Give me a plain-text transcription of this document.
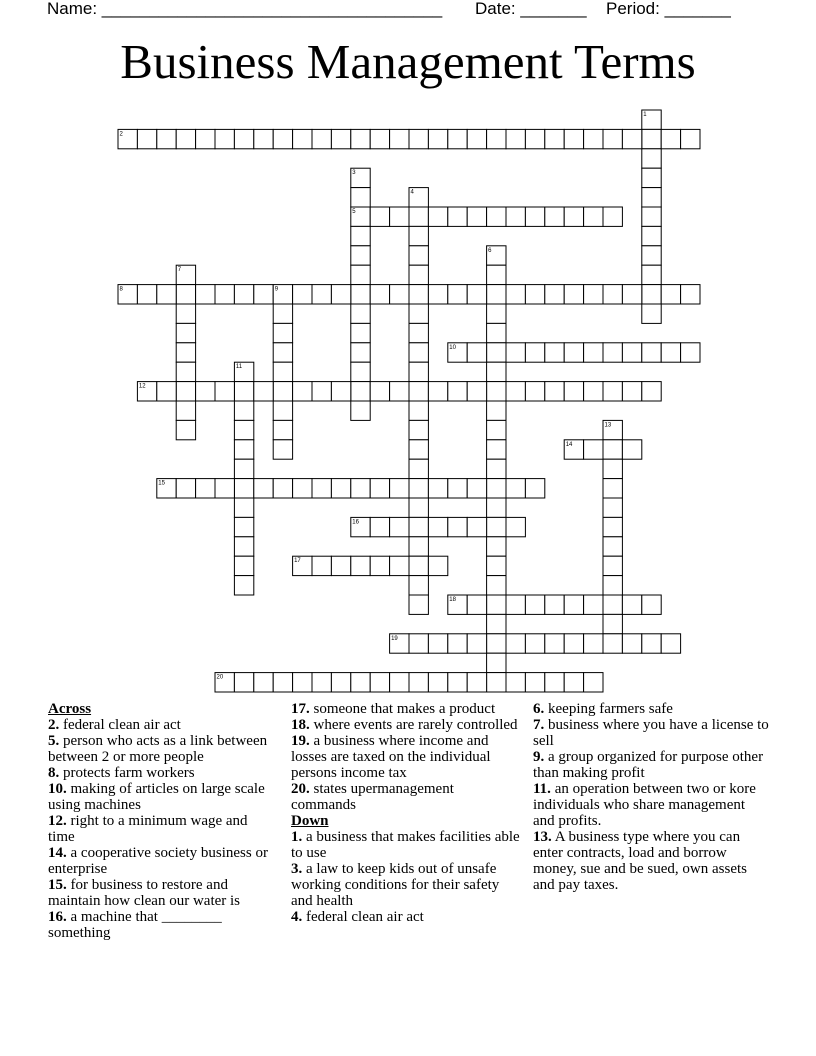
Name: ____________________________________ Date: _______ Period: _______
Business Management Terms
1
2
3
4
5
6
7
8	9
10
11
12
13
14
15
16
17
18
19
20
Across
2. federal clean air act
5. person who acts as a link between between 2 or more people
8. protects farm workers
10. making of articles on large scale using machines
12. right to a minimum wage and time
14. a cooperative society business or enterprise
15. for business to restore and maintain how clean our water is
16. a machine that ________ something
17. someone that makes a product
18. where events are rarely controlled
19. a business where income and losses are taxed on the individual persons income tax
20. states upermanagement commands
Down
1. a business that makes facilities able to use
3. a law to keep kids out of unsafe working conditions for their safety and health
4. federal clean air act
6. keeping farmers safe
7. business where you have a license to sell
9. a group organized for purpose other than making profit
11. an operation between two or kore individuals who share management and profits.
13. A business type where you can enter contracts, load and borrow money, sue and be sued, own assets and pay taxes.
